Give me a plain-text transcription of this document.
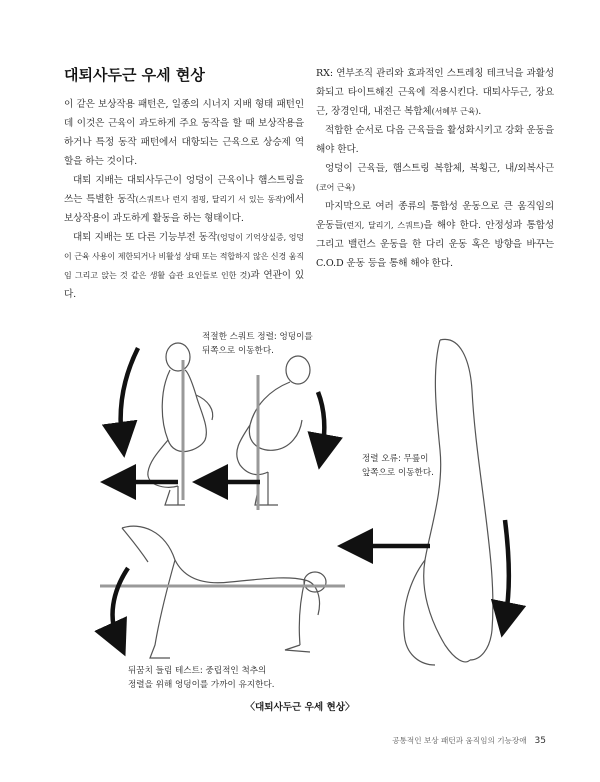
대퇴사두근 우세 현상

이 같은 보상작용 패턴은, 일종의 시너지 지배 형태 패턴인데 이것은 근육이 과도하게 주요 동작을 할 때 보상작용을 하거나 특정 동작 패턴에서 대항되는 근육으로 상승제 역할을 하는 것이다.

대퇴 지배는 대퇴사두근이 엉덩이 근육이나 햄스트링을 쓰는 특별한 동작(스쿼트나 런지 점핑, 달리기 서 있는 동작)에서 보상작용이 과도하게 활동을 하는 형태이다.

대퇴 지배는 또 다른 기능부전 동작(엉덩이 기억상실증, 엉덩이 근육 사용이 제한되거나 비활성 상태 또는 적합하지 않은 신경 움직임 그리고 앉는 것 같은 생활 습관 요인들로 인한 것)과 연관이 있다.

RX: 연부조직 관리와 효과적인 스트레칭 테크닉을 과활성화되고 타이트해진 근육에 적용시킨다. 대퇴사두근, 장요근, 장경인대, 내전근 복합체(서혜부 근육).

적합한 순서로 다음 근육들을 활성화시키고 강화 운동을 해야 한다.

엉덩이 근육들, 햄스트링 복합체, 복횡근, 내/외복사근(코어 근육)

마지막으로 여러 종류의 통합성 운동으로 큰 움직임의 운동들(런지, 달리기, 스쿼트)을 해야 한다. 안정성과 통합성 그리고 밸런스 운동을 한 다리 운동 혹은 방향을 바꾸는 C.O.D 운동 등을 통해 해야 한다.

적절한 스쿼트 정렬: 엉덩이를
뒤쪽으로 이동한다.
정렬 오류: 무릎이
앞쪽으로 이동한다.
뒤꿈치 들림 테스트: 중립적인 척추의
정렬을 위해 엉덩이를 가까이 유지한다.
〈대퇴사두근 우세 현상〉
공통적인 보상 패턴과 움직임의 기능장애 35
